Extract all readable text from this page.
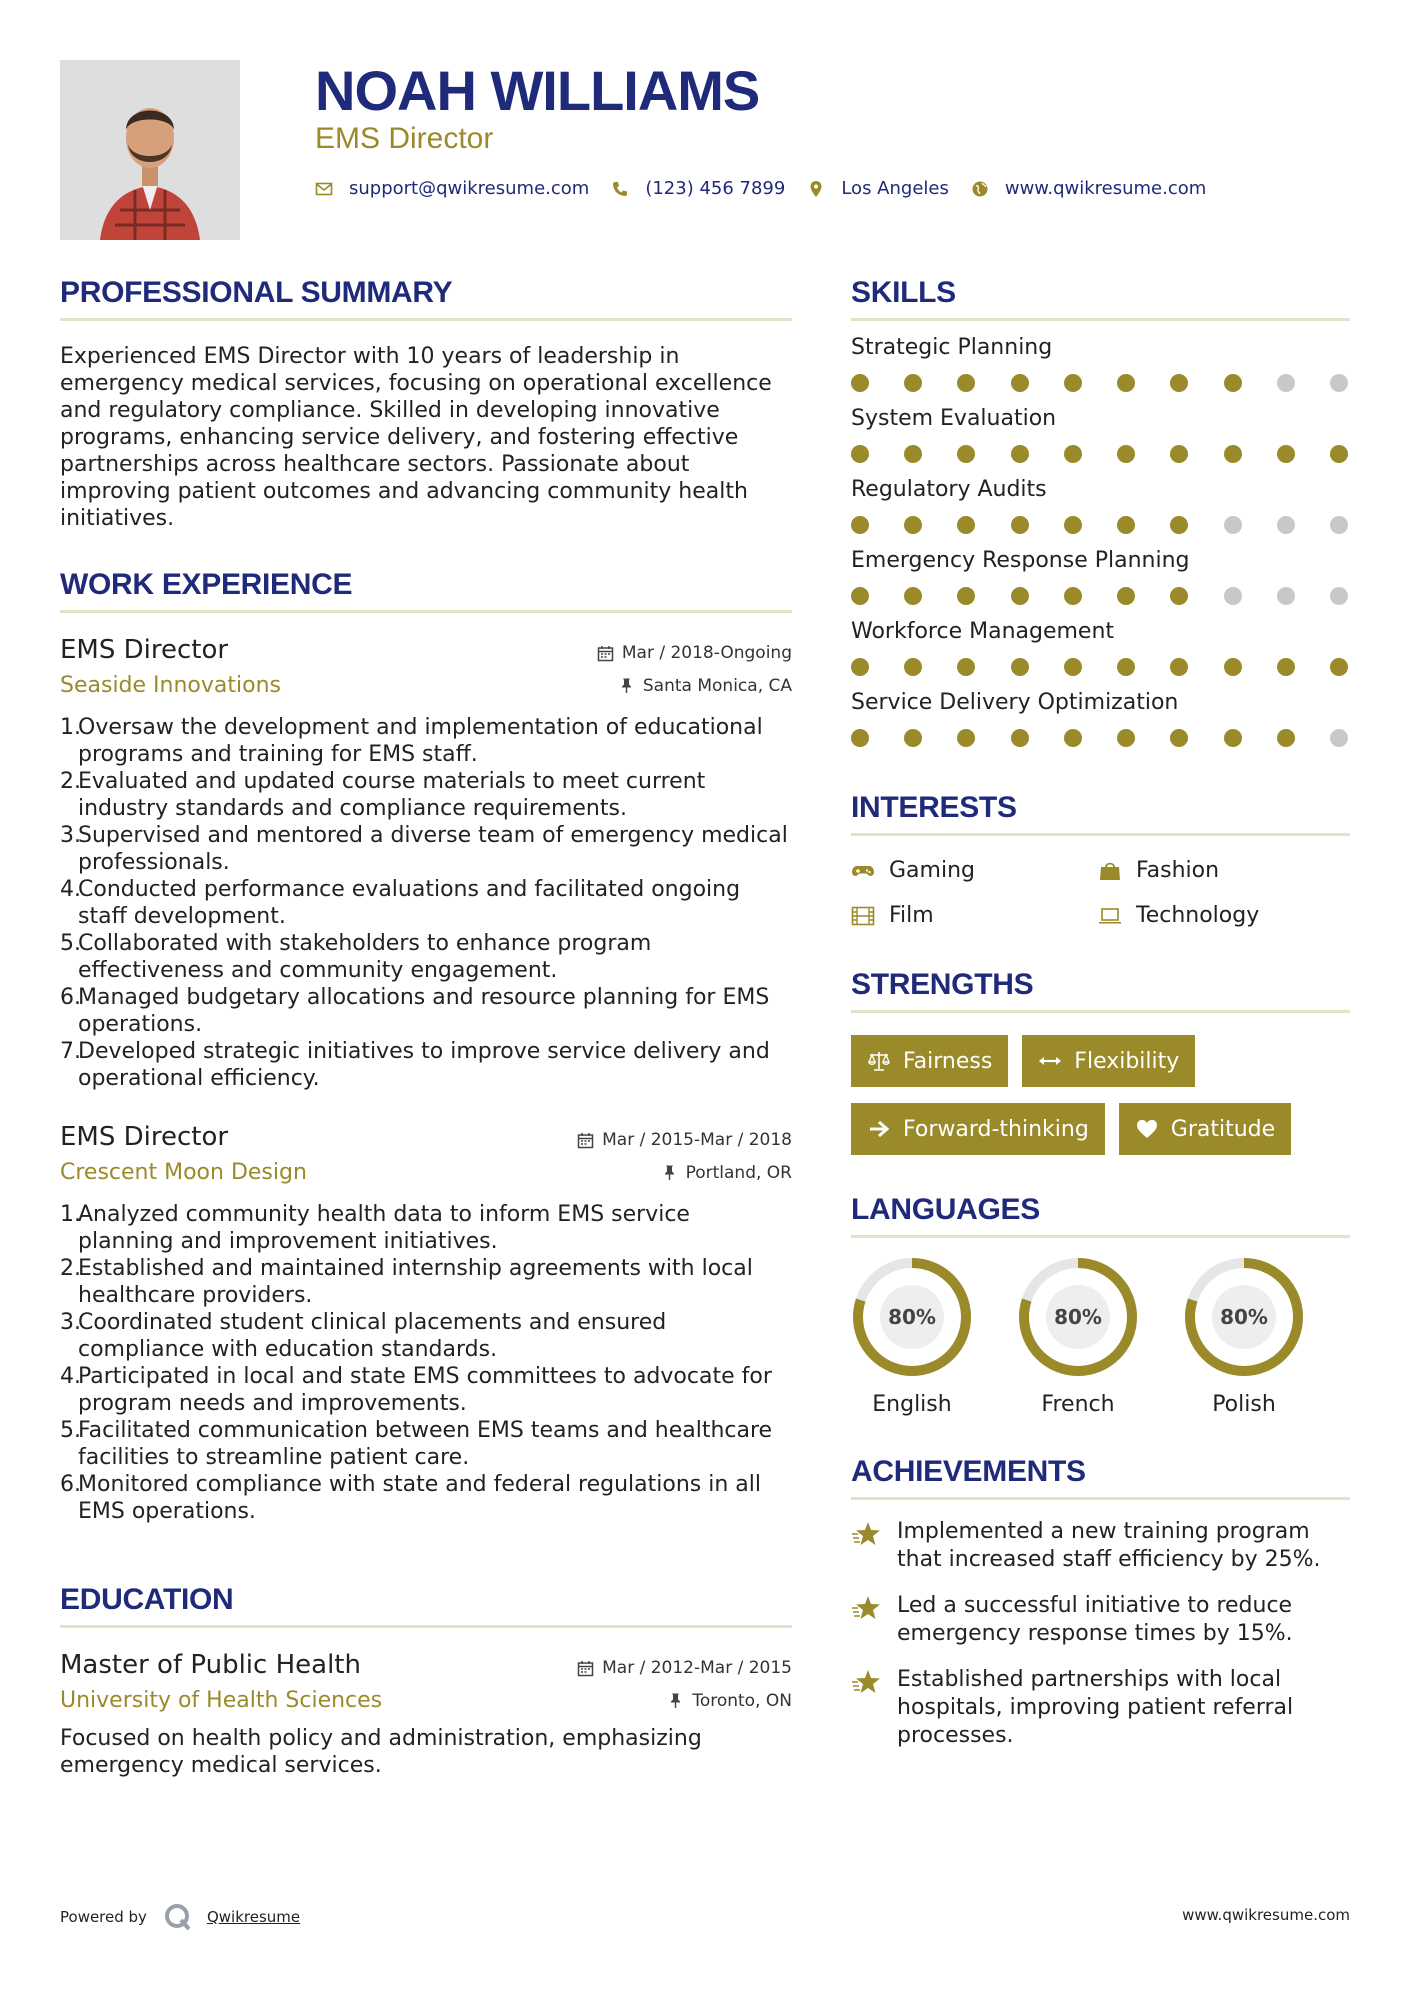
NOAH WILLIAMS
EMS Director
support@qwikresume.com	(123) 456 7899	Los Angeles	www.qwikresume.com
PROFESSIONAL SUMMARY
Experienced EMS Director with 10 years of leadership in emergency medical services, focusing on operational excellence and regulatory compliance. Skilled in developing innovative programs, enhancing service delivery, and fostering effective partnerships across healthcare sectors. Passionate about improving patient outcomes and advancing community health initiatives.
WORK EXPERIENCE
EMS Director	Mar / 2018-Ongoing
Seaside Innovations	Santa Monica, CA
Oversaw the development and implementation of educational programs and training for EMS staff.
Evaluated and updated course materials to meet current industry standards and compliance requirements.
Supervised and mentored a diverse team of emergency medical professionals.
Conducted performance evaluations and facilitated ongoing staff development.
Collaborated with stakeholders to enhance program effectiveness and community engagement.
Managed budgetary allocations and resource planning for EMS operations.
Developed strategic initiatives to improve service delivery and operational efficiency.
EMS Director	Mar / 2015-Mar / 2018
Crescent Moon Design	Portland, OR
Analyzed community health data to inform EMS service planning and improvement initiatives.
Established and maintained internship agreements with local healthcare providers.
Coordinated student clinical placements and ensured compliance with education standards.
Participated in local and state EMS committees to advocate for program needs and improvements.
Facilitated communication between EMS teams and healthcare facilities to streamline patient care.
Monitored compliance with state and federal regulations in all EMS operations.
EDUCATION
Master of Public Health	Mar / 2012-Mar / 2015
University of Health Sciences	Toronto, ON
Focused on health policy and administration, emphasizing emergency medical services.
SKILLS
Strategic Planning
System Evaluation
Regulatory Audits
Emergency Response Planning
Workforce Management
Service Delivery Optimization
INTERESTS
Gaming	Fashion
Film	Technology
STRENGTHS
Fairness	Flexibility
Forward-thinking	Gratitude
LANGUAGES
80%
English
80%
French
80%
Polish
ACHIEVEMENTS
Implemented a new training program that increased staff efficiency by 25%.
Led a successful initiative to reduce emergency response times by 15%.
Established partnerships with local hospitals, improving patient referral processes.
Powered by	Qwikresume	www.qwikresume.com
